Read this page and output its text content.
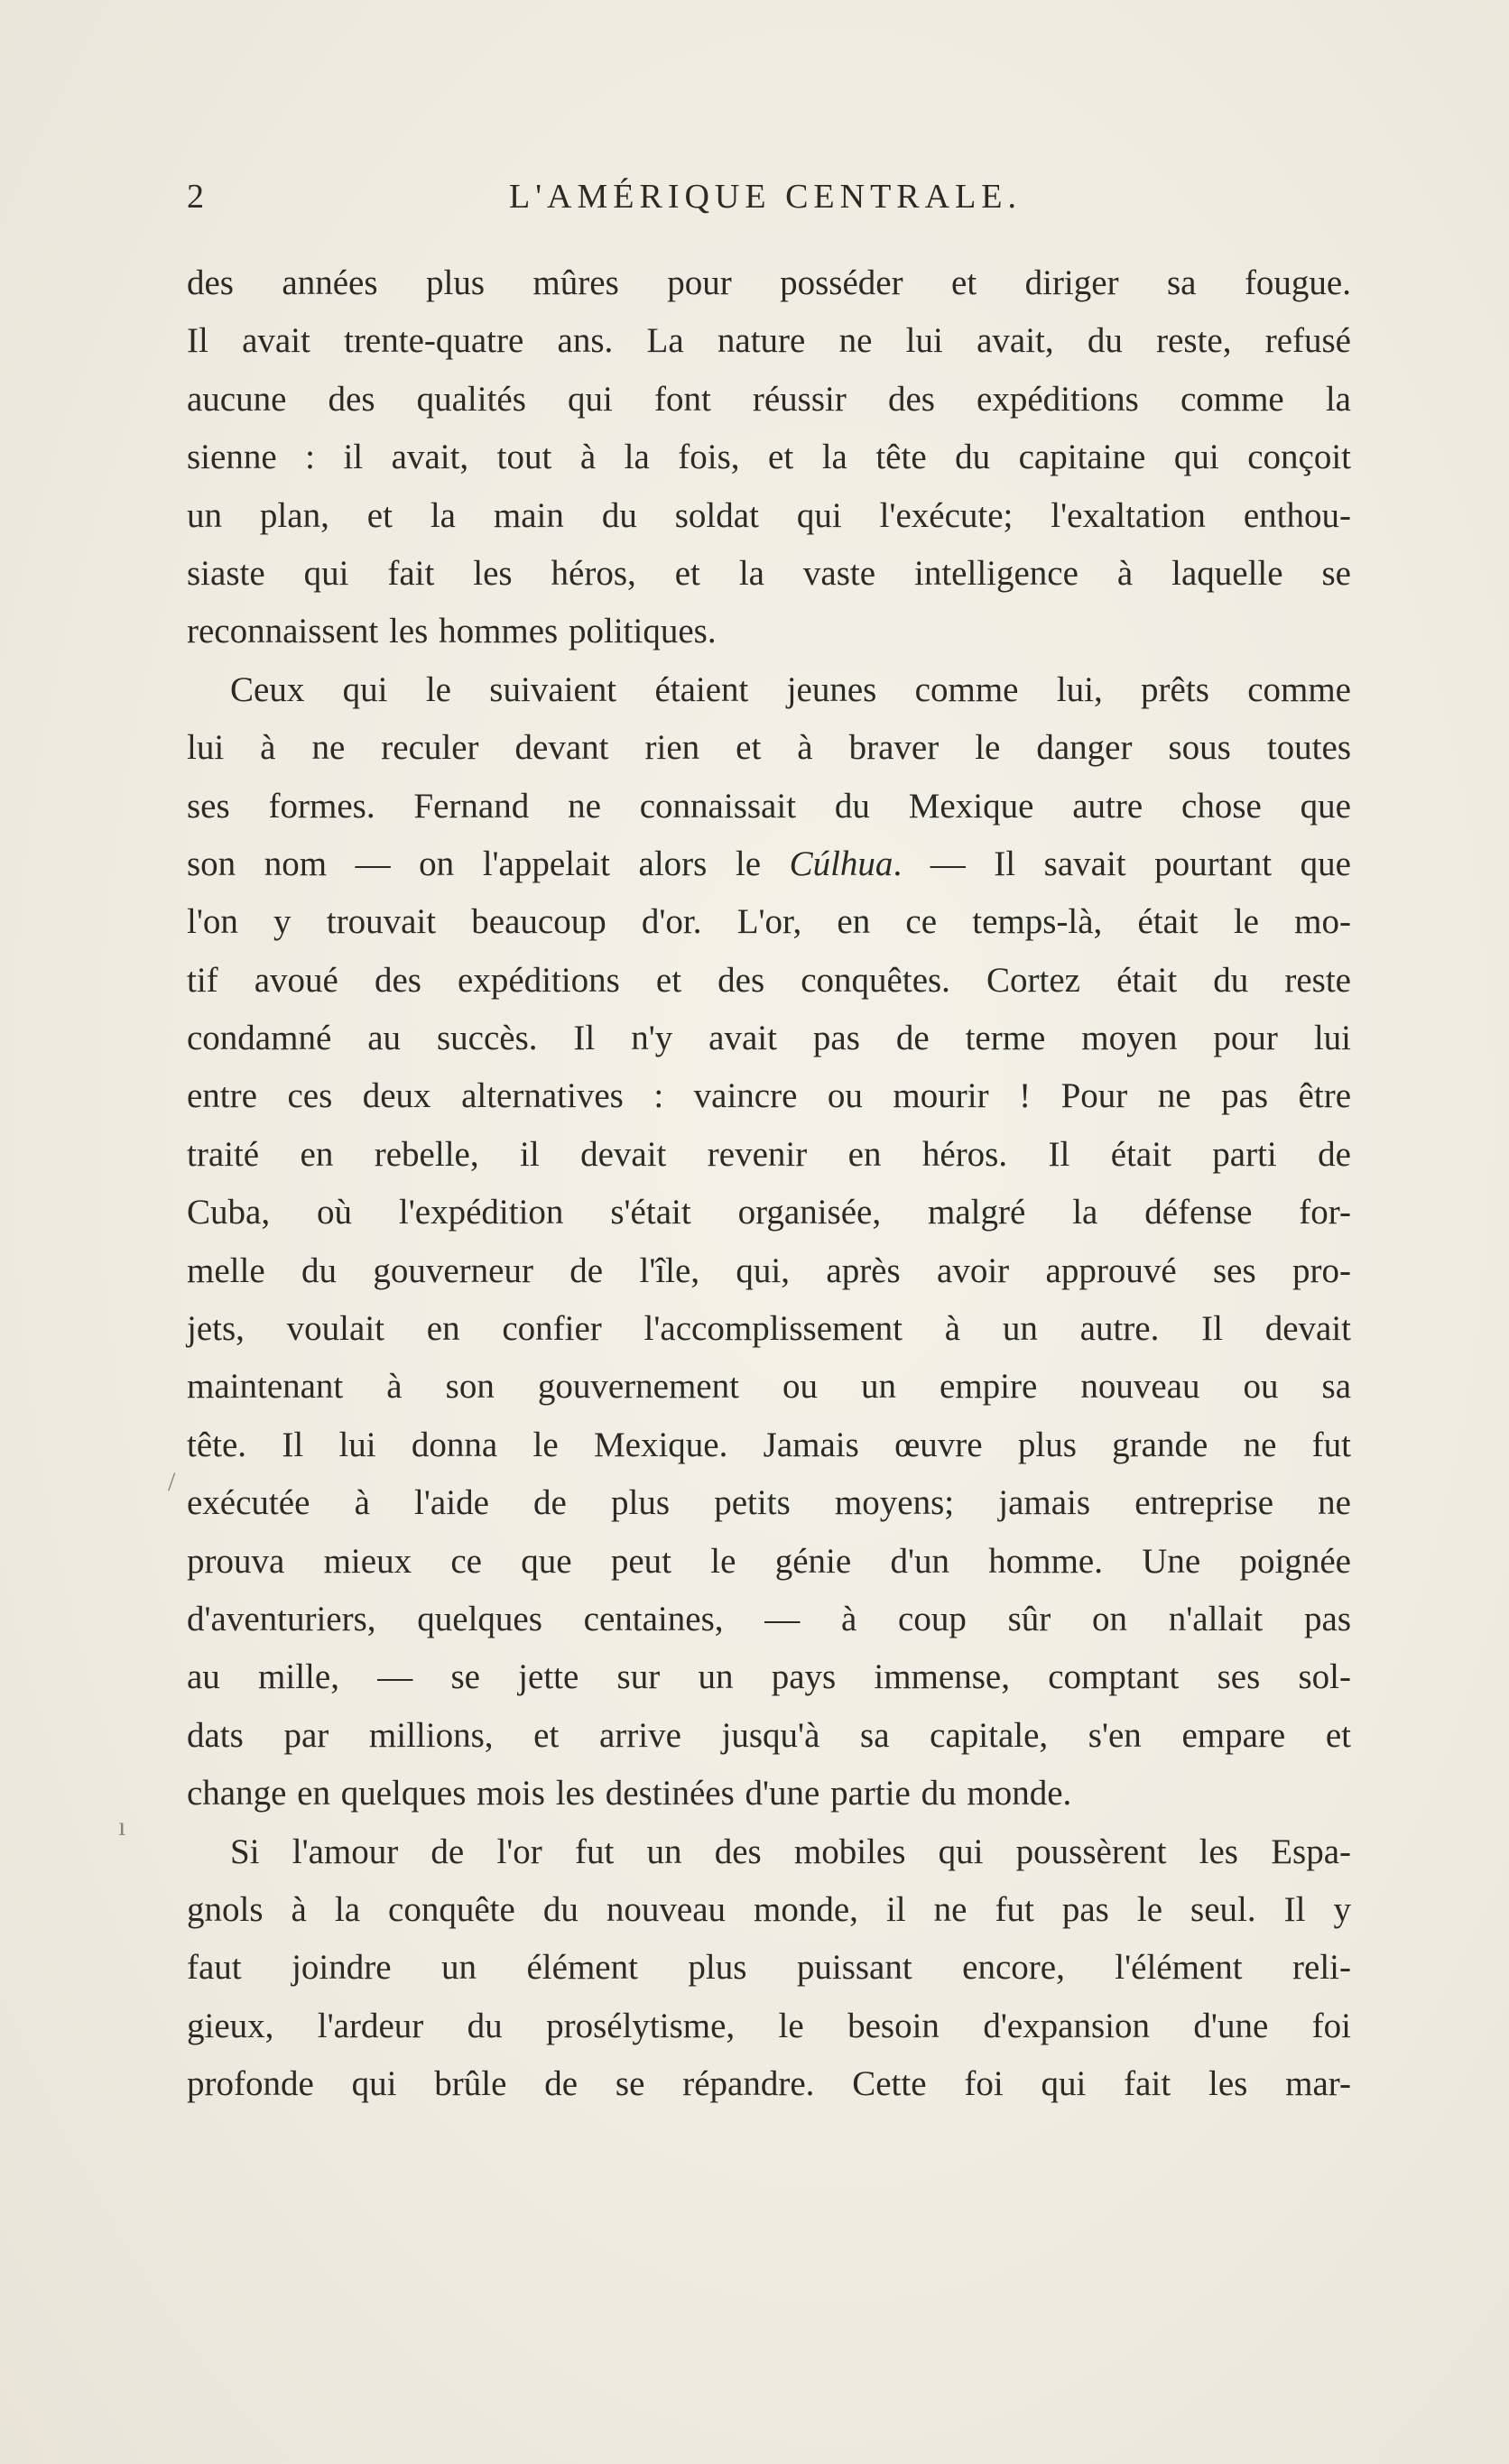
2	L'AMÉRIQUE CENTRALE.
des années plus mûres pour posséder et diriger sa fougue.
Il avait trente-quatre ans. La nature ne lui avait, du reste, refusé
aucune des qualités qui font réussir des expéditions comme la
sienne : il avait, tout à la fois, et la tête du capitaine qui conçoit
un plan, et la main du soldat qui l'exécute; l'exaltation enthou-
siaste qui fait les héros, et la vaste intelligence à laquelle se
reconnaissent les hommes politiques.
Ceux qui le suivaient étaient jeunes comme lui, prêts comme
lui à ne reculer devant rien et à braver le danger sous toutes
ses formes. Fernand ne connaissait du Mexique autre chose que
son nom — on l'appelait alors le Cúlhua. — Il savait pourtant que
l'on y trouvait beaucoup d'or. L'or, en ce temps-là, était le mo-
tif avoué des expéditions et des conquêtes. Cortez était du reste
condamné au succès. Il n'y avait pas de terme moyen pour lui
entre ces deux alternatives : vaincre ou mourir ! Pour ne pas être
traité en rebelle, il devait revenir en héros. Il était parti de
Cuba, où l'expédition s'était organisée, malgré la défense for-
melle du gouverneur de l'île, qui, après avoir approuvé ses pro-
jets, voulait en confier l'accomplissement à un autre. Il devait
maintenant à son gouvernement ou un empire nouveau ou sa
tête. Il lui donna le Mexique. Jamais œuvre plus grande ne fut
exécutée à l'aide de plus petits moyens; jamais entreprise ne
prouva mieux ce que peut le génie d'un homme. Une poignée
d'aventuriers, quelques centaines, — à coup sûr on n'allait pas
au mille, — se jette sur un pays immense, comptant ses sol-
dats par millions, et arrive jusqu'à sa capitale, s'en empare et
change en quelques mois les destinées d'une partie du monde.
Si l'amour de l'or fut un des mobiles qui poussèrent les Espa-
gnols à la conquête du nouveau monde, il ne fut pas le seul. Il y
faut joindre un élément plus puissant encore, l'élément reli-
gieux, l'ardeur du prosélytisme, le besoin d'expansion d'une foi
profonde qui brûle de se répandre. Cette foi qui fait les mar-
/
ı
